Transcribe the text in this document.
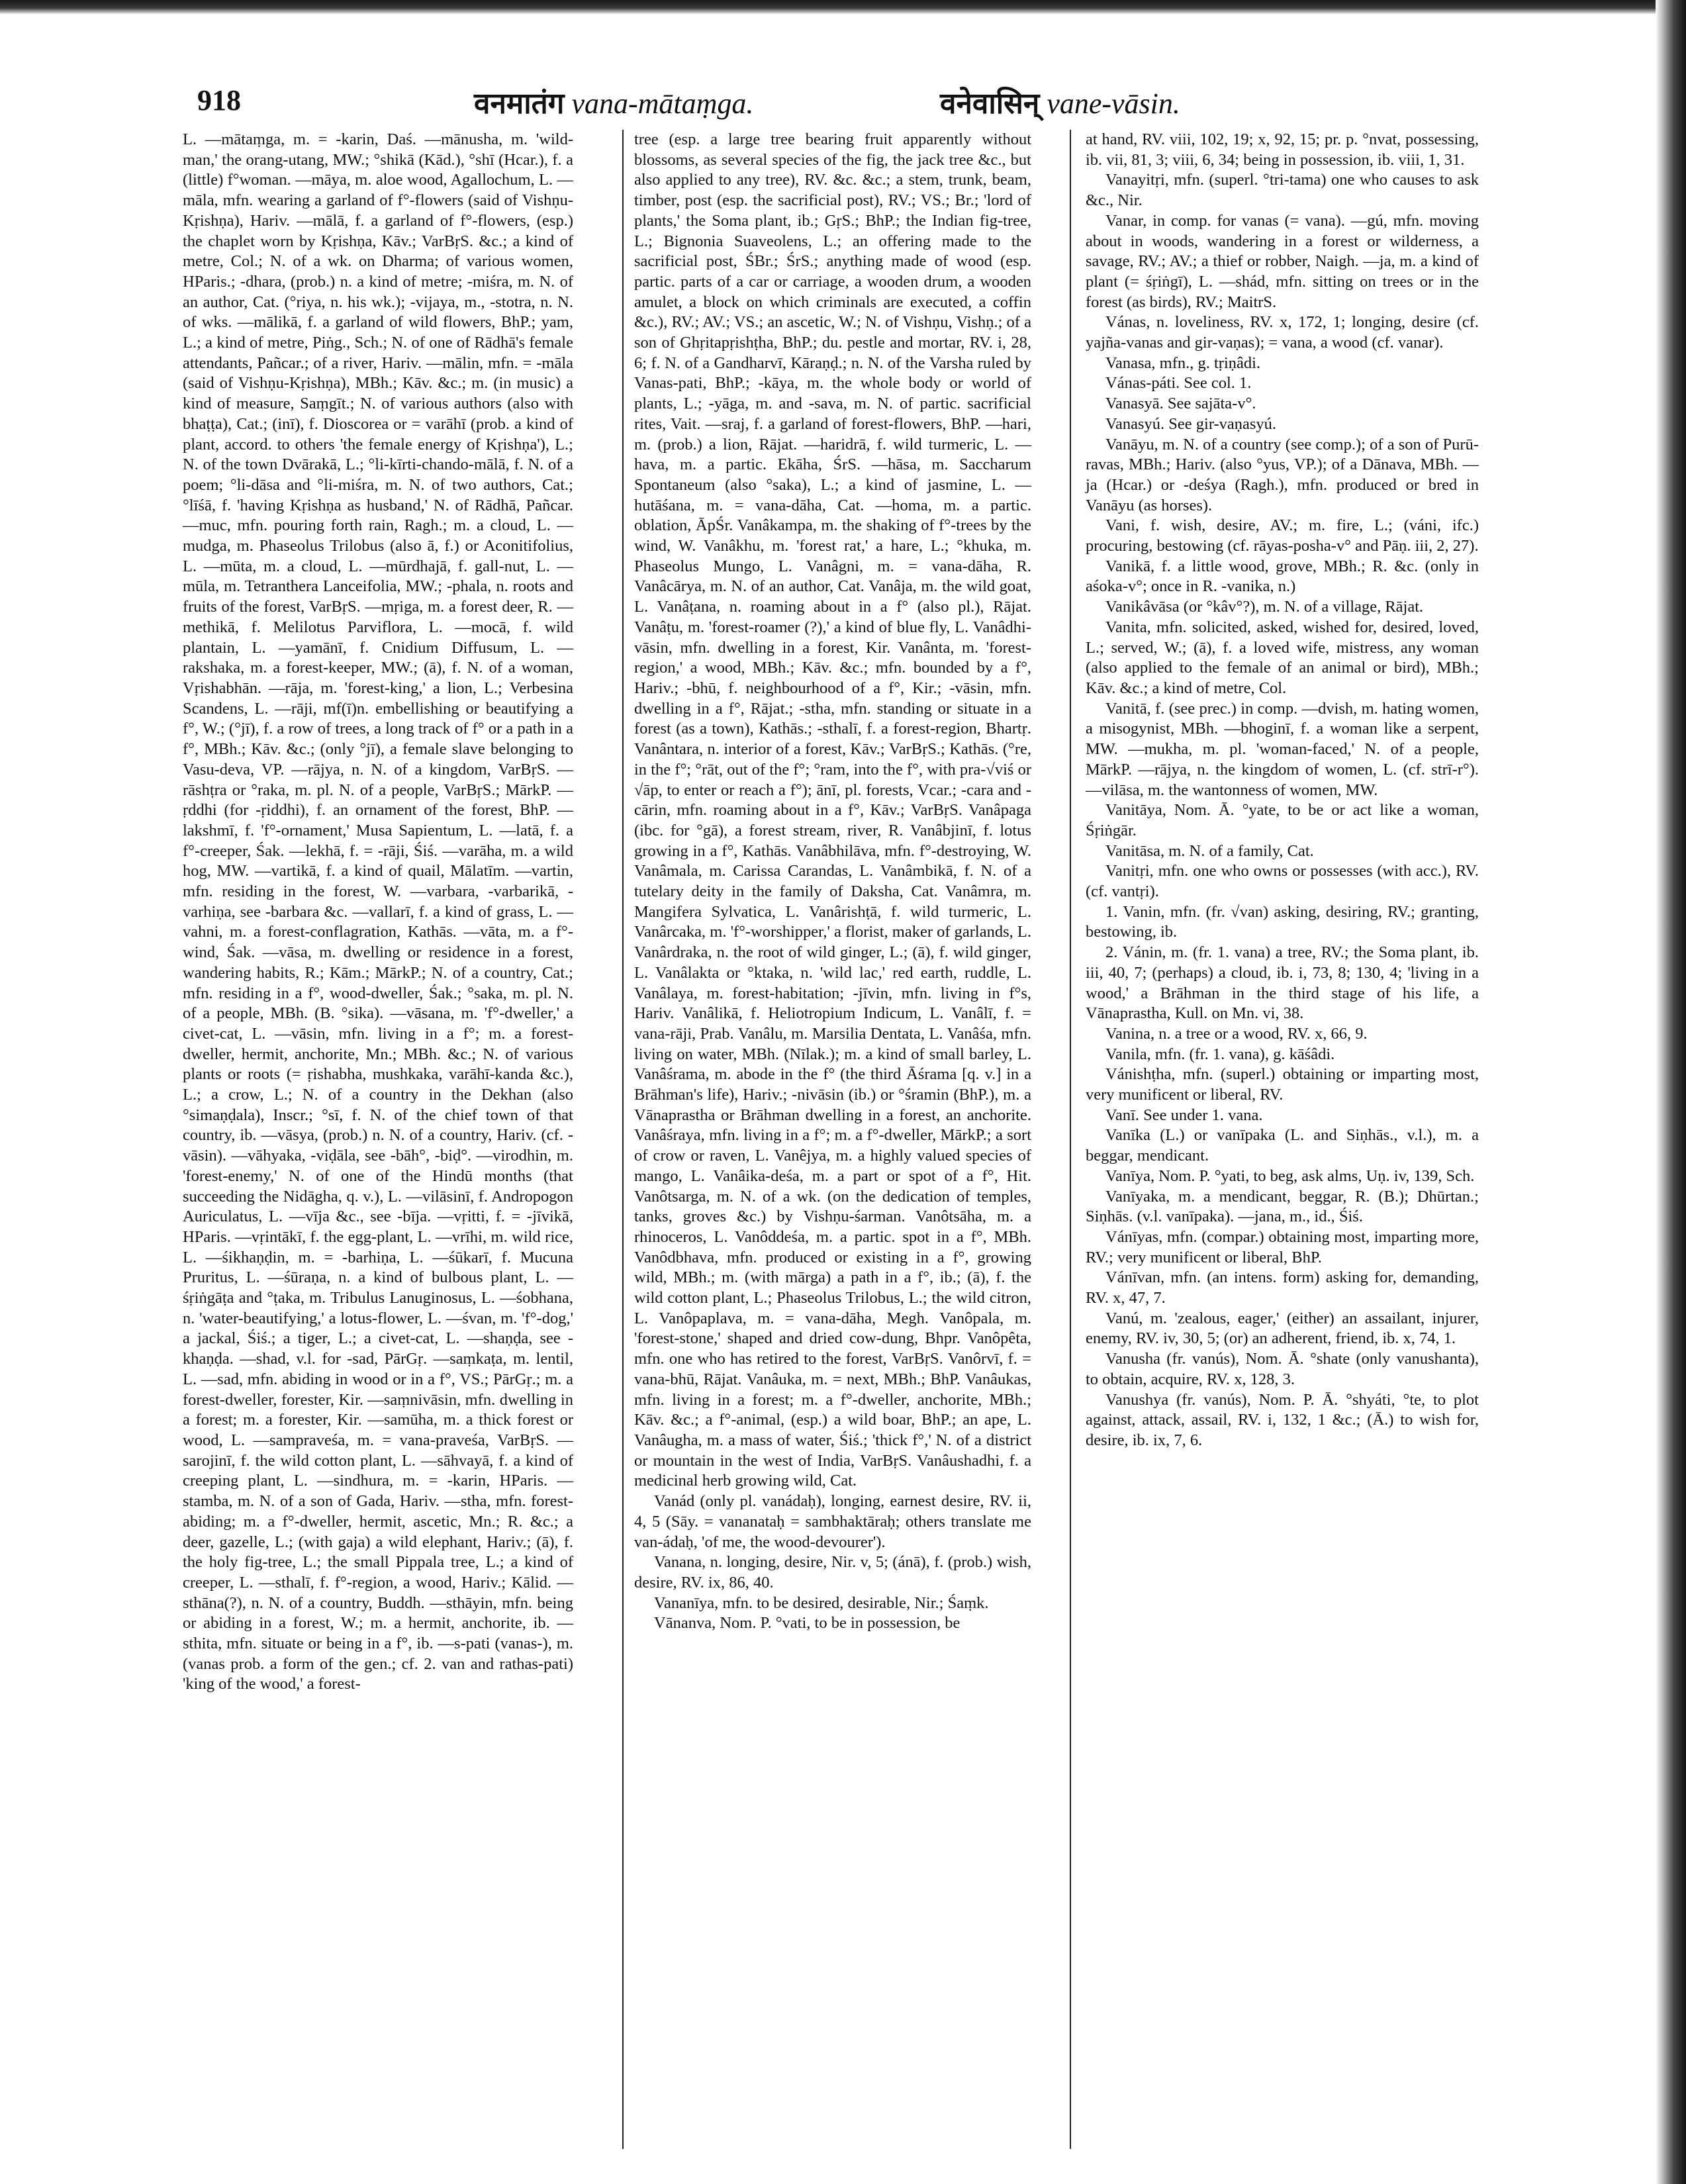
918	वनमातंग vana-mātaṃga.	वनेवासिन् vane-vāsin.

L. —mātaṃga, m. = -karin, Daś. —mānusha, m. 'wild-man,' the orang-utang, MW.; °shikā (Kād.), °shī (Hcar.), f. a (little) f°woman. —māya, m. aloe wood, Agallochum, L. —māla, mfn. wearing a garland of f°-flowers (said of Vishṇu-Kṛishṇa), Hariv. —mālā, f. a garland of f°-flowers, (esp.) the chaplet worn by Kṛishṇa, Kāv.; VarBṛS. &c.; a kind of metre, Col.; N. of a wk. on Dharma; of various women, HParis.; -dhara, (prob.) n. a kind of metre; -miśra, m. N. of an author, Cat. (°riya, n. his wk.); -vijaya, m., -stotra, n. N. of wks. —mālikā, f. a garland of wild flowers, BhP.; yam, L.; a kind of metre, Piṅg., Sch.; N. of one of Rādhā's female attendants, Pañcar.; of a river, Hariv. —mālin, mfn. = -māla (said of Vishṇu-Kṛishṇa), MBh.; Kāv. &c.; m. (in music) a kind of measure, Saṃgīt.; N. of various authors (also with bhaṭṭa), Cat.; (inī), f. Dioscorea or = varāhī (prob. a kind of plant, accord. to others 'the female energy of Kṛishṇa'), L.; N. of the town Dvārakā, L.; °li-kīrti-chando-mālā, f. N. of a poem; °li-dāsa and °li-miśra, m. N. of two authors, Cat.; °līśā, f. 'having Kṛishṇa as husband,' N. of Rādhā, Pañcar. —muc, mfn. pouring forth rain, Ragh.; m. a cloud, L. —mudga, m. Phaseolus Trilobus (also ā, f.) or Aconitifolius, L. —mūta, m. a cloud, L. —mūrdhajā, f. gall-nut, L. —mūla, m. Tetranthera Lanceifolia, MW.; -phala, n. roots and fruits of the forest, VarBṛS. —mṛiga, m. a forest deer, R. —methikā, f. Melilotus Parviflora, L. —mocā, f. wild plantain, L. —yamānī, f. Cnidium Diffusum, L. —rakshaka, m. a forest-keeper, MW.; (ā), f. N. of a woman, Vṛishabhān. —rāja, m. 'forest-king,' a lion, L.; Verbesina Scandens, L. —rāji, mf(ī)n. embellishing or beautifying a f°, W.; (°jī), f. a row of trees, a long track of f° or a path in a f°, MBh.; Kāv. &c.; (only °jī), a female slave belonging to Vasu-deva, VP. —rājya, n. N. of a kingdom, VarBṛS. —rāshṭra or °raka, m. pl. N. of a people, VarBṛS.; MārkP. —ṛddhi (for -ṛiddhi), f. an ornament of the forest, BhP. —lakshmī, f. 'f°-ornament,' Musa Sapientum, L. —latā, f. a f°-creeper, Śak. —lekhā, f. = -rāji, Śiś. —varāha, m. a wild hog, MW. —vartikā, f. a kind of quail, Mālatīm. —vartin, mfn. residing in the forest, W. —varbara, -varbarikā, -varhiṇa, see -barbara &c. —vallarī, f. a kind of grass, L. —vahni, m. a forest-conflagration, Kathās. —vāta, m. a f°-wind, Śak. —vāsa, m. dwelling or residence in a forest, wandering habits, R.; Kām.; MārkP.; N. of a country, Cat.; mfn. residing in a f°, wood-dweller, Śak.; °saka, m. pl. N. of a people, MBh. (B. °sika). —vāsana, m. 'f°-dweller,' a civet-cat, L. —vāsin, mfn. living in a f°; m. a forest-dweller, hermit, anchorite, Mn.; MBh. &c.; N. of various plants or roots (= ṛishabha, mushkaka, varāhī-kanda &c.), L.; a crow, L.; N. of a country in the Dekhan (also °simaṇḍala), Inscr.; °sī, f. N. of the chief town of that country, ib. —vāsya, (prob.) n. N. of a country, Hariv. (cf. -vāsin). —vāhyaka, -viḍāla, see -bāh°, -biḍ°. —virodhin, m. 'forest-enemy,' N. of one of the Hindū months (that succeeding the Nidāgha, q. v.), L. —vilāsinī, f. Andropogon Auriculatus, L. —vīja &c., see -bīja. —vṛitti, f. = -jīvikā, HParis. —vṛintākī, f. the egg-plant, L. —vrīhi, m. wild rice, L. —śikhaṇḍin, m. = -barhiṇa, L. —śūkarī, f. Mucuna Pruritus, L. —śūraṇa, n. a kind of bulbous plant, L. —śṛiṅgāṭa and °ṭaka, m. Tribulus Lanuginosus, L. —śobhana, n. 'water-beautifying,' a lotus-flower, L. —śvan, m. 'f°-dog,' a jackal, Śiś.; a tiger, L.; a civet-cat, L. —shaṇḍa, see -khaṇḍa. —shad, v.l. for -sad, PārGṛ. —saṃkaṭa, m. lentil, L. —sad, mfn. abiding in wood or in a f°, VS.; PārGṛ.; m. a forest-dweller, forester, Kir. —saṃnivāsin, mfn. dwelling in a forest; m. a forester, Kir. —samūha, m. a thick forest or wood, L. —sampraveśa, m. = vana-praveśa, VarBṛS. —sarojinī, f. the wild cotton plant, L. —sāhvayā, f. a kind of creeping plant, L. —sindhura, m. = -karin, HParis. —stamba, m. N. of a son of Gada, Hariv. —stha, mfn. forest-abiding; m. a f°-dweller, hermit, ascetic, Mn.; R. &c.; a deer, gazelle, L.; (with gaja) a wild elephant, Hariv.; (ā), f. the holy fig-tree, L.; the small Pippala tree, L.; a kind of creeper, L. —sthalī, f. f°-region, a wood, Hariv.; Kālid. —sthāna(?), n. N. of a country, Buddh. —sthāyin, mfn. being or abiding in a forest, W.; m. a hermit, anchorite, ib. —sthita, mfn. situate or being in a f°, ib. —s-pati (vanas-), m. (vanas prob. a form of the gen.; cf. 2. van and rathas-pati) 'king of the wood,' a forest-

tree (esp. a large tree bearing fruit apparently without blossoms, as several species of the fig, the jack tree &c., but also applied to any tree), RV. &c. &c.; a stem, trunk, beam, timber, post (esp. the sacrificial post), RV.; VS.; Br.; 'lord of plants,' the Soma plant, ib.; GṛS.; BhP.; the Indian fig-tree, L.; Bignonia Suaveolens, L.; an offering made to the sacrificial post, ŚBr.; ŚrS.; anything made of wood (esp. partic. parts of a car or carriage, a wooden drum, a wooden amulet, a block on which criminals are executed, a coffin &c.), RV.; AV.; VS.; an ascetic, W.; N. of Vishṇu, Vishṇ.; of a son of Ghṛitapṛishṭha, BhP.; du. pestle and mortar, RV. i, 28, 6; f. N. of a Gandharvī, Kāraṇḍ.; n. N. of the Varsha ruled by Vanas-pati, BhP.; -kāya, m. the whole body or world of plants, L.; -yāga, m. and -sava, m. N. of partic. sacrificial rites, Vait. —sraj, f. a garland of forest-flowers, BhP. —hari, m. (prob.) a lion, Rājat. —haridrā, f. wild turmeric, L. —hava, m. a partic. Ekāha, ŚrS. —hāsa, m. Saccharum Spontaneum (also °saka), L.; a kind of jasmine, L. —hutāśana, m. = vana-dāha, Cat. —homa, m. a partic. oblation, ĀpŚr. Vanâkampa, m. the shaking of f°-trees by the wind, W. Vanâkhu, m. 'forest rat,' a hare, L.; °khuka, m. Phaseolus Mungo, L. Vanâgni, m. = vana-dāha, R. Vanâcārya, m. N. of an author, Cat. Vanâja, m. the wild goat, L. Vanâṭana, n. roaming about in a f° (also pl.), Rājat. Vanâṭu, m. 'forest-roamer (?),' a kind of blue fly, L. Vanâdhi-vāsin, mfn. dwelling in a forest, Kir. Vanânta, m. 'forest-region,' a wood, MBh.; Kāv. &c.; mfn. bounded by a f°, Hariv.; -bhū, f. neighbourhood of a f°, Kir.; -vāsin, mfn. dwelling in a f°, Rājat.; -stha, mfn. standing or situate in a forest (as a town), Kathās.; -sthalī, f. a forest-region, Bhartṛ. Vanântara, n. interior of a forest, Kāv.; VarBṛS.; Kathās. (°re, in the f°; °rāt, out of the f°; °ram, into the f°, with pra-√viś or √āp, to enter or reach a f°); ānī, pl. forests, Vcar.; -cara and -cārin, mfn. roaming about in a f°, Kāv.; VarBṛS. Vanâpaga (ibc. for °gā), a forest stream, river, R. Vanâbjinī, f. lotus growing in a f°, Kathās. Vanâbhilāva, mfn. f°-destroying, W. Vanâmala, m. Carissa Carandas, L. Vanâmbikā, f. N. of a tutelary deity in the family of Daksha, Cat. Vanâmra, m. Mangifera Sylvatica, L. Vanârishṭā, f. wild turmeric, L. Vanârcaka, m. 'f°-worshipper,' a florist, maker of garlands, L. Vanârdraka, n. the root of wild ginger, L.; (ā), f. wild ginger, L. Vanâlakta or °ktaka, n. 'wild lac,' red earth, ruddle, L. Vanâlaya, m. forest-habitation; -jīvin, mfn. living in f°s, Hariv. Vanâlikā, f. Heliotropium Indicum, L. Vanâlī, f. = vana-rāji, Prab. Vanâlu, m. Marsilia Dentata, L. Vanâśa, mfn. living on water, MBh. (Nīlak.); m. a kind of small barley, L. Vanâśrama, m. abode in the f° (the third Āśrama [q. v.] in a Brāhman's life), Hariv.; -nivāsin (ib.) or °śramin (BhP.), m. a Vānaprastha or Brāhman dwelling in a forest, an anchorite. Vanâśraya, mfn. living in a f°; m. a f°-dweller, MārkP.; a sort of crow or raven, L. Vanêjya, m. a highly valued species of mango, L. Vanâika-deśa, m. a part or spot of a f°, Hit. Vanôtsarga, m. N. of a wk. (on the dedication of temples, tanks, groves &c.) by Vishṇu-śarman. Vanôtsāha, m. a rhinoceros, L. Vanôddeśa, m. a partic. spot in a f°, MBh. Vanôdbhava, mfn. produced or existing in a f°, growing wild, MBh.; m. (with mārga) a path in a f°, ib.; (ā), f. the wild cotton plant, L.; Phaseolus Trilobus, L.; the wild citron, L. Vanôpaplava, m. = vana-dāha, Megh. Vanôpala, m. 'forest-stone,' shaped and dried cow-dung, Bhpr. Vanôpêta, mfn. one who has retired to the forest, VarBṛS. Vanôrvī, f. = vana-bhū, Rājat. Vanâuka, m. = next, MBh.; BhP. Vanâukas, mfn. living in a forest; m. a f°-dweller, anchorite, MBh.; Kāv. &c.; a f°-animal, (esp.) a wild boar, BhP.; an ape, L. Vanâugha, m. a mass of water, Śiś.; 'thick f°,' N. of a district or mountain in the west of India, VarBṛS. Vanâushadhi, f. a medicinal herb growing wild, Cat.

Vanád (only pl. vanádaḥ), longing, earnest desire, RV. ii, 4, 5 (Sāy. = vananataḥ = sambhaktāraḥ; others translate me van-ádaḥ, 'of me, the wood-devourer').

Vanana, n. longing, desire, Nir. v, 5; (ánā), f. (prob.) wish, desire, RV. ix, 86, 40.

Vananīya, mfn. to be desired, desirable, Nir.; Śaṃk.

Vānanva, Nom. P. °vati, to be in possession, be

at hand, RV. viii, 102, 19; x, 92, 15; pr. p. °nvat, possessing, ib. vii, 81, 3; viii, 6, 34; being in possession, ib. viii, 1, 31.

Vanayitṛi, mfn. (superl. °tri-tama) one who causes to ask &c., Nir.

Vanar, in comp. for vanas (= vana). —gú, mfn. moving about in woods, wandering in a forest or wilderness, a savage, RV.; AV.; a thief or robber, Naigh. —ja, m. a kind of plant (= śṛiṅgī), L. —shád, mfn. sitting on trees or in the forest (as birds), RV.; MaitrS.

Vánas, n. loveliness, RV. x, 172, 1; longing, desire (cf. yajña-vanas and gir-vaṇas); = vana, a wood (cf. vanar).

Vanasa, mfn., g. tṛiṇâdi.

Vánas-páti. See col. 1.

Vanasyā. See sajāta-v°.

Vanasyú. See gir-vaṇasyú.

Vanāyu, m. N. of a country (see comp.); of a son of Purū-ravas, MBh.; Hariv. (also °yus, VP.); of a Dānava, MBh. —ja (Hcar.) or -deśya (Ragh.), mfn. produced or bred in Vanāyu (as horses).

Vani, f. wish, desire, AV.; m. fire, L.; (váni, ifc.) procuring, bestowing (cf. rāyas-posha-v° and Pāṇ. iii, 2, 27).

Vanikā, f. a little wood, grove, MBh.; R. &c. (only in aśoka-v°; once in R. -vanika, n.)

Vanikâvāsa (or °kâv°?), m. N. of a village, Rājat.

Vanita, mfn. solicited, asked, wished for, desired, loved, L.; served, W.; (ā), f. a loved wife, mistress, any woman (also applied to the female of an animal or bird), MBh.; Kāv. &c.; a kind of metre, Col.

Vanitā, f. (see prec.) in comp. —dvish, m. hating women, a misogynist, MBh. —bhoginī, f. a woman like a serpent, MW. —mukha, m. pl. 'woman-faced,' N. of a people, MārkP. —rājya, n. the kingdom of women, L. (cf. strī-r°). —vilāsa, m. the wantonness of women, MW.

Vanitāya, Nom. Ā. °yate, to be or act like a woman, Śṛiṅgār.

Vanitāsa, m. N. of a family, Cat.

Vanitṛi, mfn. one who owns or possesses (with acc.), RV. (cf. vantṛi).

1. Vanin, mfn. (fr. √van) asking, desiring, RV.; granting, bestowing, ib.

2. Vánin, m. (fr. 1. vana) a tree, RV.; the Soma plant, ib. iii, 40, 7; (perhaps) a cloud, ib. i, 73, 8; 130, 4; 'living in a wood,' a Brāhman in the third stage of his life, a Vānaprastha, Kull. on Mn. vi, 38.

Vanina, n. a tree or a wood, RV. x, 66, 9.

Vanila, mfn. (fr. 1. vana), g. kāśâdi.

Vánishṭha, mfn. (superl.) obtaining or imparting most, very munificent or liberal, RV.

Vanī. See under 1. vana.

Vanīka (L.) or vanīpaka (L. and Siṇhās., v.l.), m. a beggar, mendicant.

Vanīya, Nom. P. °yati, to beg, ask alms, Uṇ. iv, 139, Sch.

Vanīyaka, m. a mendicant, beggar, R. (B.); Dhūrtan.; Siṇhās. (v.l. vanīpaka). —jana, m., id., Śiś.

Vánīyas, mfn. (compar.) obtaining most, imparting more, RV.; very munificent or liberal, BhP.

Vánīvan, mfn. (an intens. form) asking for, demanding, RV. x, 47, 7.

Vanú, m. 'zealous, eager,' (either) an assailant, injurer, enemy, RV. iv, 30, 5; (or) an adherent, friend, ib. x, 74, 1.

Vanusha (fr. vanús), Nom. Ā. °shate (only vanushanta), to obtain, acquire, RV. x, 128, 3.

Vanushya (fr. vanús), Nom. P. Ā. °shyáti, °te, to plot against, attack, assail, RV. i, 132, 1 &c.; (Ā.) to wish for, desire, ib. ix, 7, 6.
